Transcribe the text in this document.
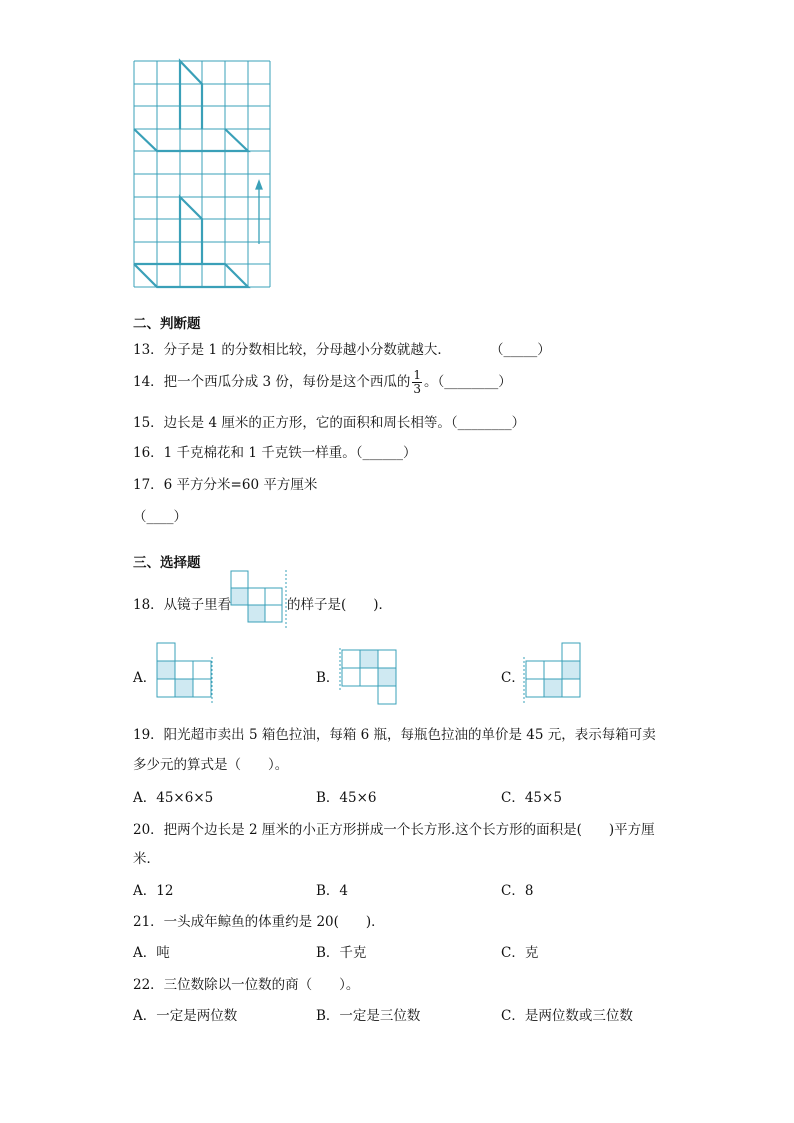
二、判断题
13．分子是 1 的分数相比较，分母越小分数就越大．	（_____）
14．把一个西瓜分成 3 份，每份是这个西瓜的 $\frac{1}{3}$ 。（________）
15．边长是 4 厘米的正方形，它的面积和周长相等。（________）
16．1 千克棉花和 1 千克铁一样重。（______）
17．6 平方分米=60 平方厘米
（____）
三、选择题
18．从镜子里看	的样子是(　　)．
A．	B．	C．
19．阳光超市卖出 5 箱色拉油，每箱 6 瓶，每瓶色拉油的单价是 45 元，表示每箱可卖
多少元的算式是（　　）。
A．45×6×5	B．45×6	C．45×5
20．把两个边长是 2 厘米的小正方形拼成一个长方形.这个长方形的面积是(　　)平方厘
米．
A．12	B．4	C．8
21．一头成年鲸鱼的体重约是 20(　　)．
A．吨	B．千克	C．克
22．三位数除以一位数的商（　　）。
A．一定是两位数	B．一定是三位数	C．是两位数或三位数
